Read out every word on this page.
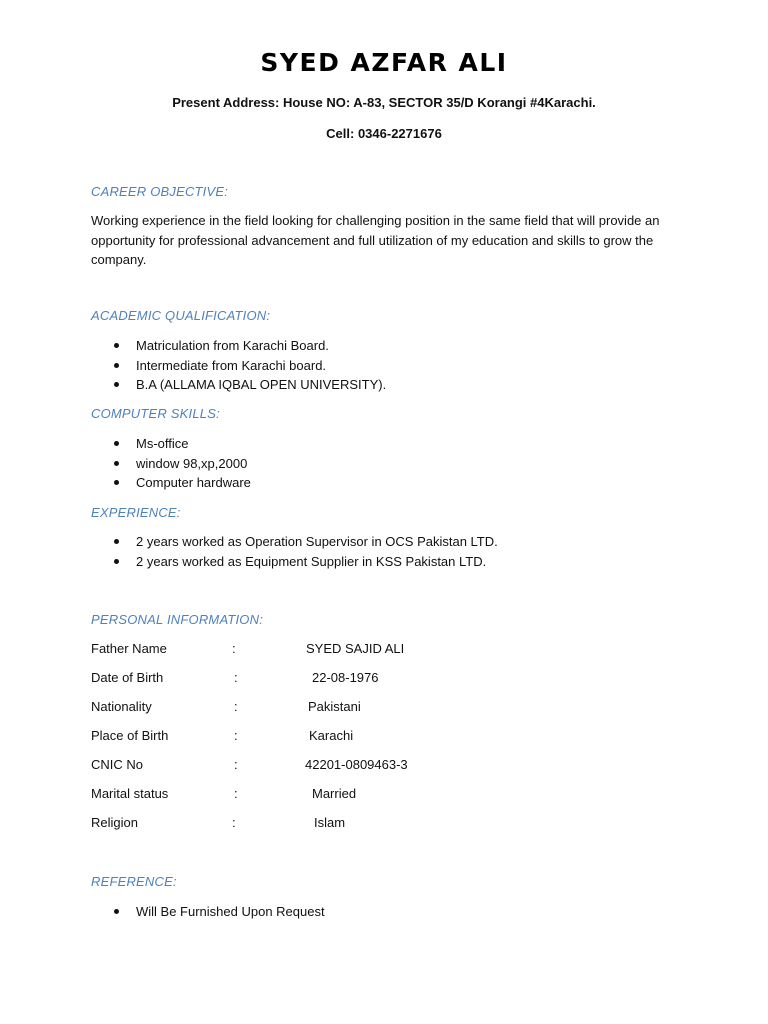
SYED AZFAR ALI
Present Address: House NO: A-83, SECTOR 35/D Korangi #4Karachi.
Cell: 0346-2271676
CAREER OBJECTIVE:
Working experience in the field looking for challenging position in the same field that will provide an opportunity for professional advancement and full utilization of my education and skills to grow the company.
ACADEMIC QUALIFICATION:
Matriculation from Karachi Board.
Intermediate from Karachi board.
B.A (ALLAMA IQBAL OPEN UNIVERSITY).
COMPUTER SKILLS:
Ms-office
window 98,xp,2000
Computer hardware
EXPERIENCE:
2 years worked as Operation Supervisor in OCS Pakistan LTD.
2 years worked as Equipment Supplier in KSS Pakistan LTD.
PERSONAL INFORMATION:
Father Name	:	SYED SAJID ALI
Date of Birth	:	22-08-1976
Nationality	:	Pakistani
Place of Birth	:	Karachi
CNIC No	:	42201-0809463-3
Marital status	:	Married
Religion	:	Islam
REFERENCE:
Will Be Furnished Upon Request
